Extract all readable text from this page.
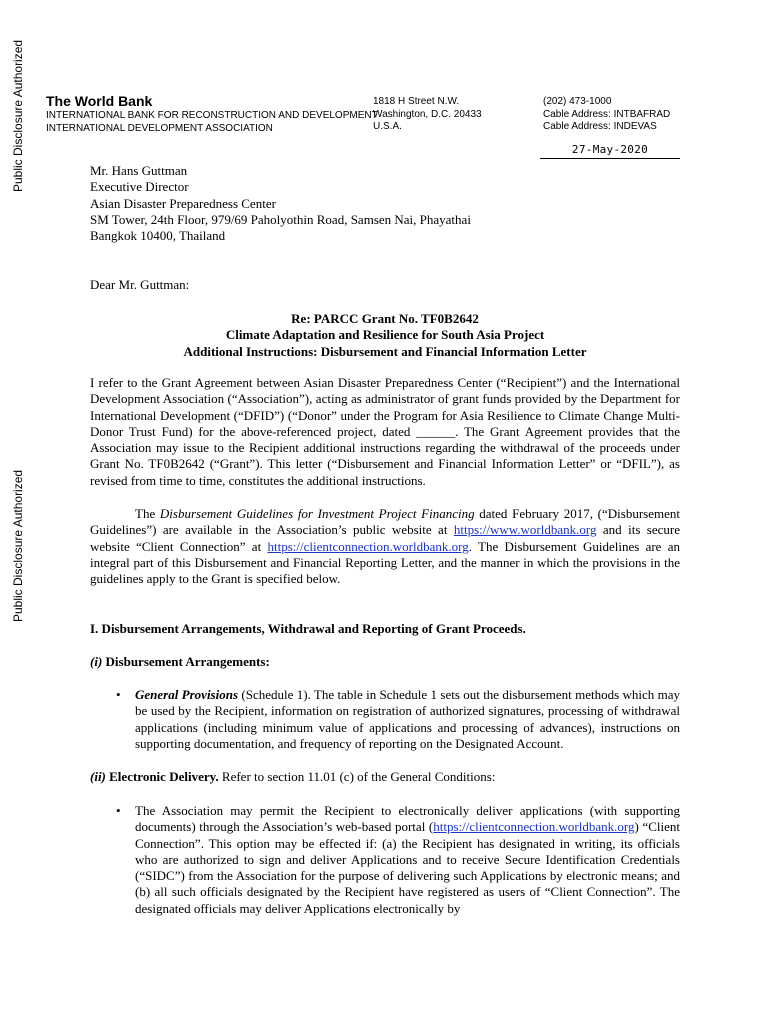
Public Disclosure Authorized
Public Disclosure Authorized
The World Bank
INTERNATIONAL BANK FOR RECONSTRUCTION AND DEVELOPMENT
INTERNATIONAL DEVELOPMENT ASSOCIATION
1818 H Street N.W.
Washington, D.C. 20433
U.S.A.
(202) 473-1000
Cable Address: INTBAFRAD
Cable Address: INDEVAS
27-May-2020
Mr. Hans Guttman
Executive Director
Asian Disaster Preparedness Center
SM Tower, 24th Floor, 979/69 Paholyothin Road, Samsen Nai, Phayathai
Bangkok 10400, Thailand
Dear Mr. Guttman:
Re: PARCC Grant No. TF0B2642
Climate Adaptation and Resilience for South Asia Project
Additional Instructions: Disbursement and Financial Information Letter
I refer to the Grant Agreement between Asian Disaster Preparedness Center (“Recipient”) and the International Development Association (“Association”), acting as administrator of grant funds provided by the Department for International Development (“DFID”) (“Donor” under the Program for Asia Resilience to Climate Change Multi-Donor Trust Fund) for the above-referenced project, dated ______. The Grant Agreement provides that the Association may issue to the Recipient additional instructions regarding the withdrawal of the proceeds under Grant No. TF0B2642 (“Grant”). This letter (“Disbursement and Financial Information Letter” or “DFIL”), as revised from time to time, constitutes the additional instructions.
The Disbursement Guidelines for Investment Project Financing dated February 2017, (“Disbursement Guidelines”) are available in the Association’s public website at https://www.worldbank.org and its secure website “Client Connection” at https://clientconnection.worldbank.org. The Disbursement Guidelines are an integral part of this Disbursement and Financial Reporting Letter, and the manner in which the provisions in the guidelines apply to the Grant is specified below.
I. Disbursement Arrangements, Withdrawal and Reporting of Grant Proceeds.
(i) Disbursement Arrangements:
• General Provisions (Schedule 1). The table in Schedule 1 sets out the disbursement methods which may be used by the Recipient, information on registration of authorized signatures, processing of withdrawal applications (including minimum value of applications and processing of advances), instructions on supporting documentation, and frequency of reporting on the Designated Account.
(ii) Electronic Delivery. Refer to section 11.01 (c) of the General Conditions:
• The Association may permit the Recipient to electronically deliver applications (with supporting documents) through the Association’s web-based portal (https://clientconnection.worldbank.org) “Client Connection”. This option may be effected if: (a) the Recipient has designated in writing, its officials who are authorized to sign and deliver Applications and to receive Secure Identification Credentials (“SIDC”) from the Association for the purpose of delivering such Applications by electronic means; and (b) all such officials designated by the Recipient have registered as users of “Client Connection”. The designated officials may deliver Applications electronically by
